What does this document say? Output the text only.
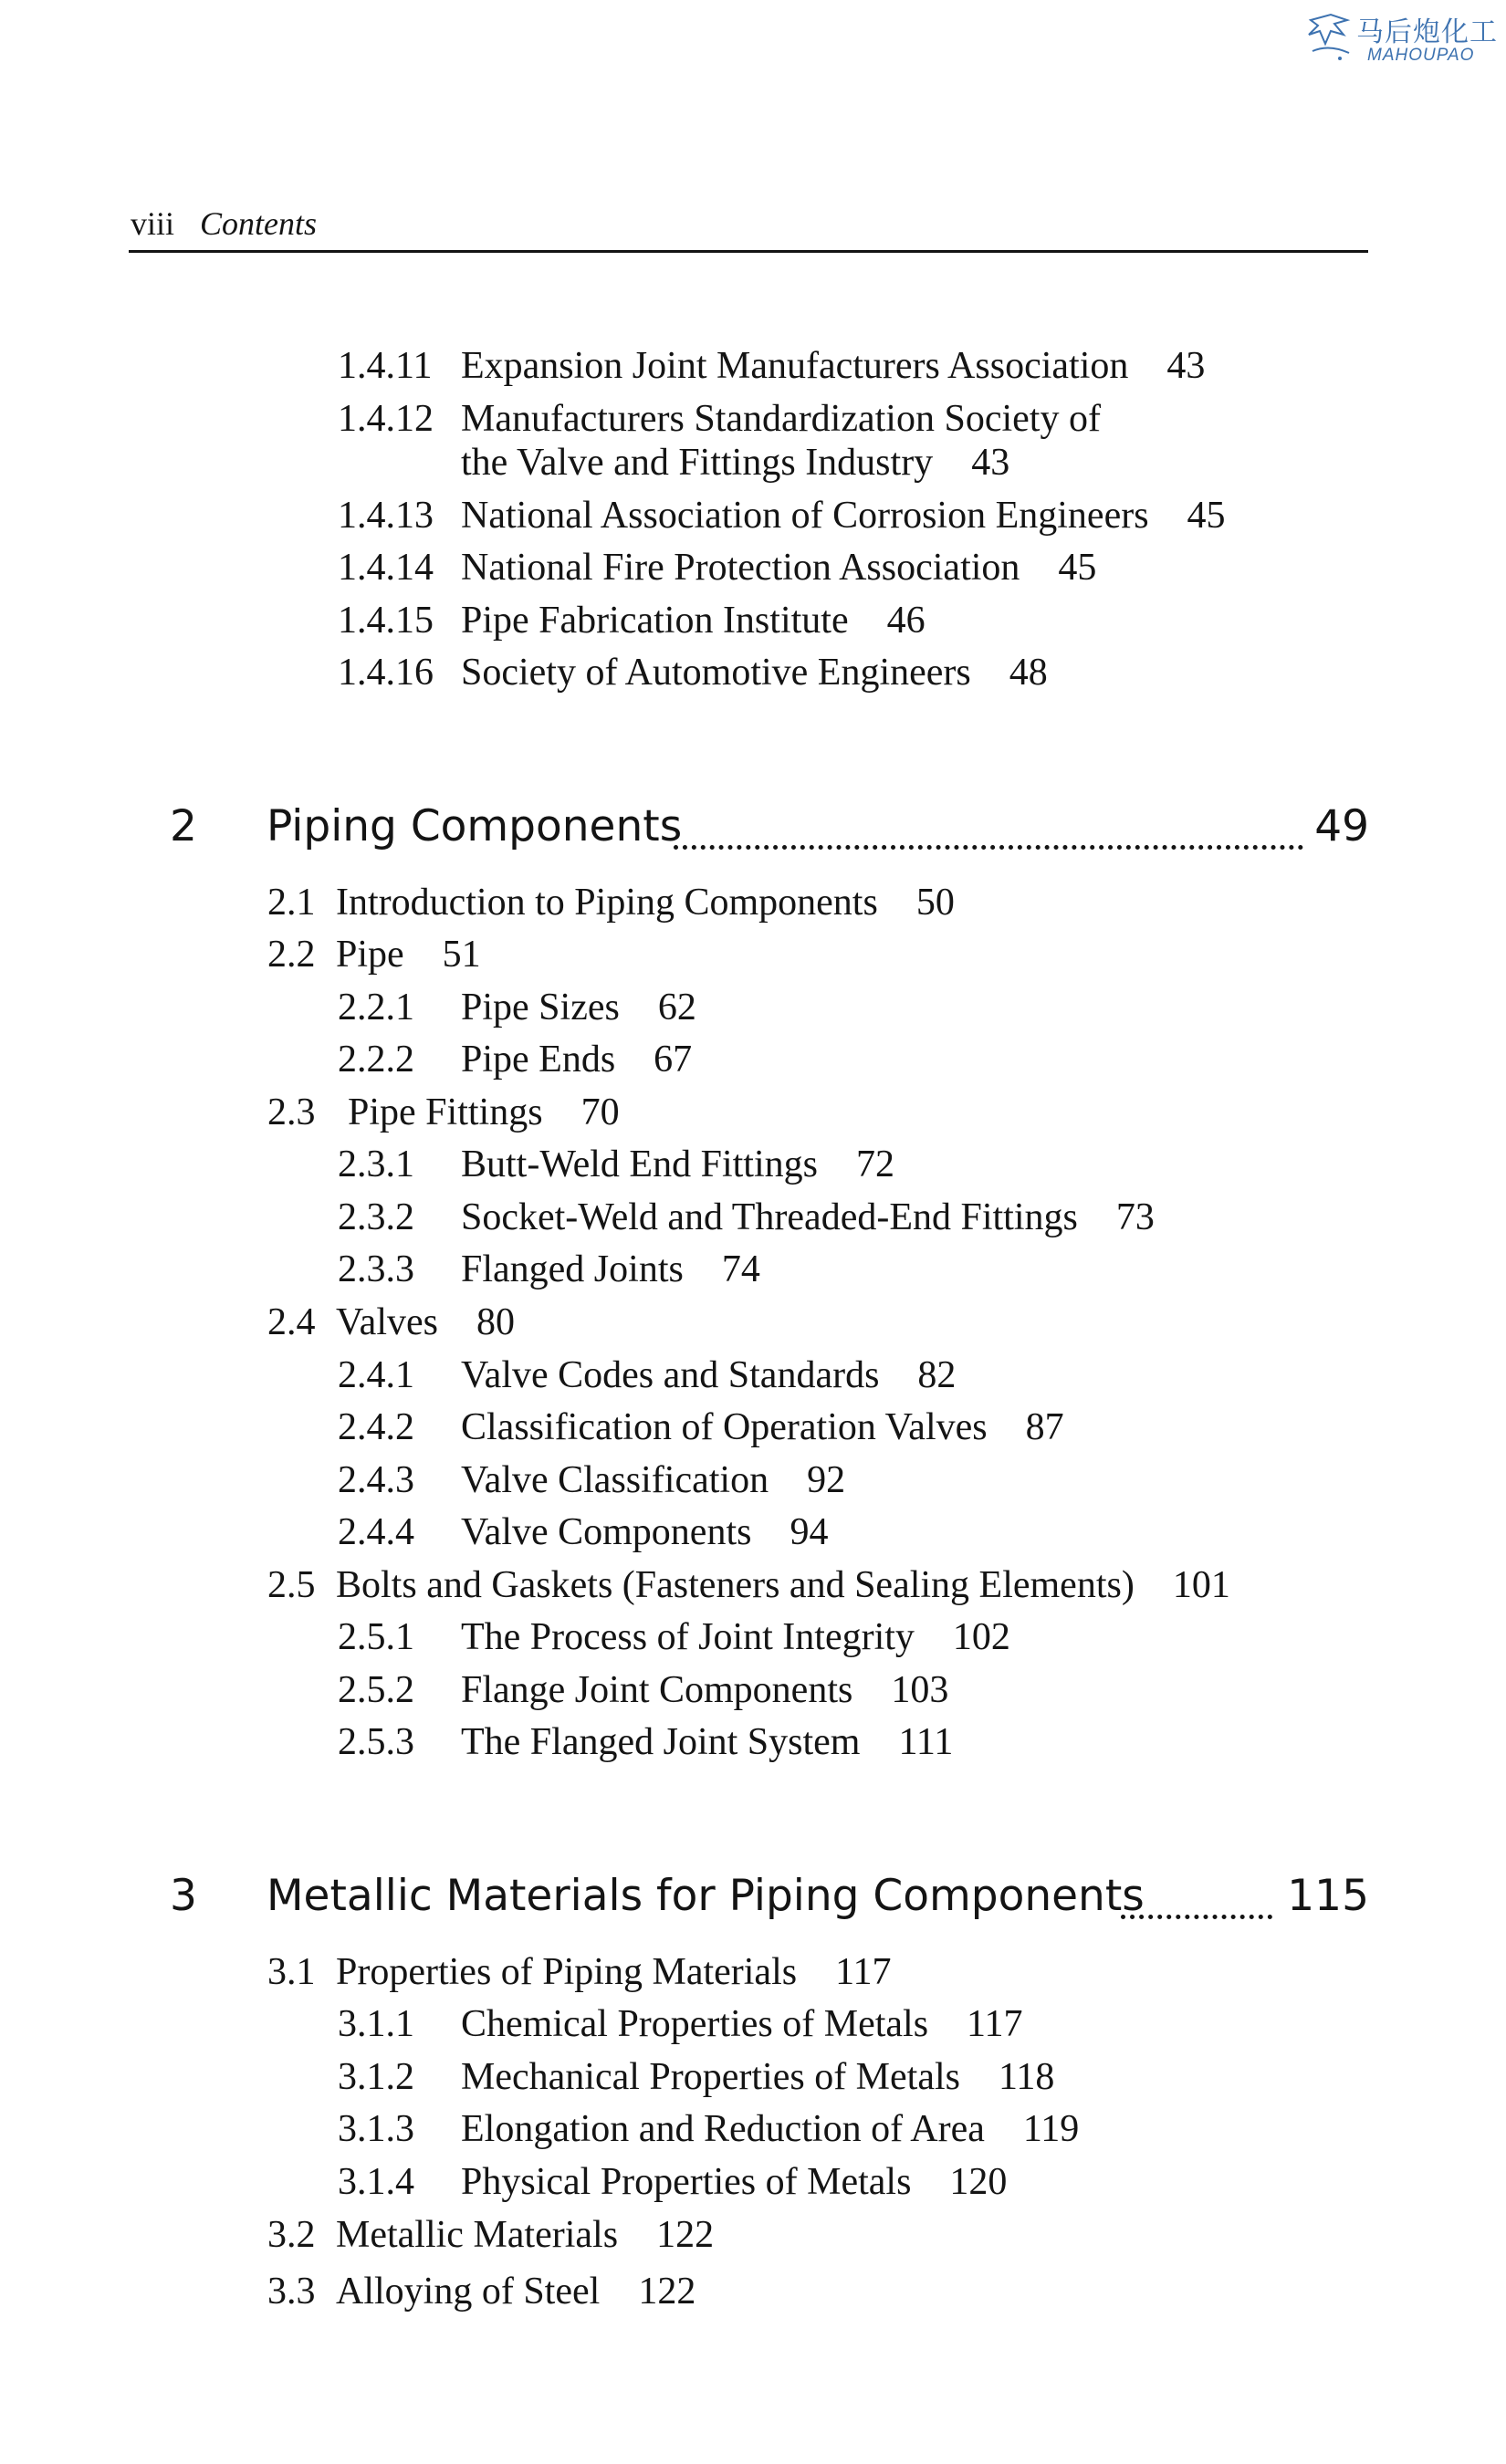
马后炮化工
MAHOUPAO
viii Contents
1.4.11 Expansion Joint Manufacturers Association 43
1.4.12 Manufacturers Standardization Society of
the Valve and Fittings Industry 43
1.4.13 National Association of Corrosion Engineers 45
1.4.14 National Fire Protection Association 45
1.4.15 Pipe Fabrication Institute 46
1.4.16 Society of Automotive Engineers 48
2 Piping Components	49
2.1 Introduction to Piping Components 50
2.2 Pipe 51
2.2.1 Pipe Sizes 62
2.2.2 Pipe Ends 67
2.3 Pipe Fittings 70
2.3.1 Butt-Weld End Fittings 72
2.3.2 Socket-Weld and Threaded-End Fittings 73
2.3.3 Flanged Joints 74
2.4 Valves 80
2.4.1 Valve Codes and Standards 82
2.4.2 Classification of Operation Valves 87
2.4.3 Valve Classification 92
2.4.4 Valve Components 94
2.5 Bolts and Gaskets (Fasteners and Sealing Elements) 101
2.5.1 The Process of Joint Integrity 102
2.5.2 Flange Joint Components 103
2.5.3 The Flanged Joint System 111
3 Metallic Materials for Piping Components	115
3.1 Properties of Piping Materials 117
3.1.1 Chemical Properties of Metals 117
3.1.2 Mechanical Properties of Metals 118
3.1.3 Elongation and Reduction of Area 119
3.1.4 Physical Properties of Metals 120
3.2 Metallic Materials 122
3.3 Alloying of Steel 122
